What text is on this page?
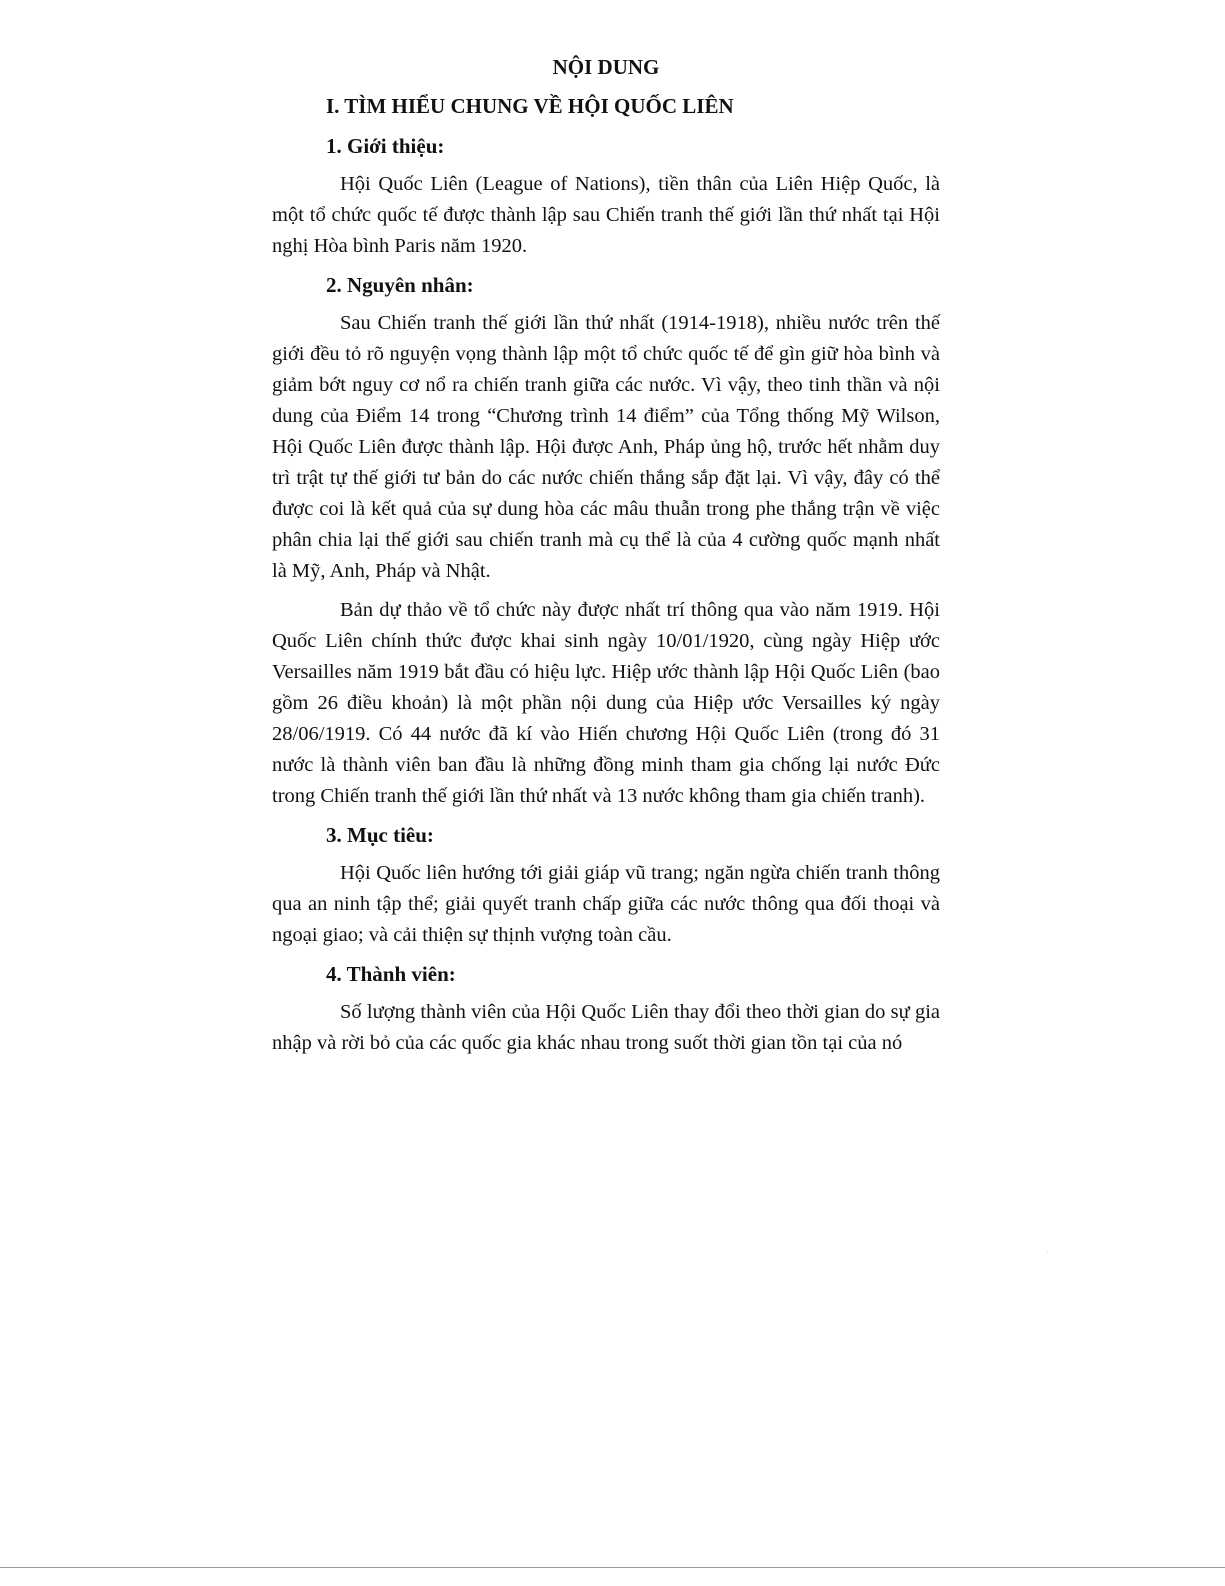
NỘI DUNG
I. TÌM HIỂU CHUNG VỀ HỘI QUỐC LIÊN
1. Giới thiệu:

Hội Quốc Liên (League of Nations), tiền thân của Liên Hiệp Quốc, là một tổ chức quốc tế được thành lập sau Chiến tranh thế giới lần thứ nhất tại Hội nghị Hòa bình Paris năm 1920.

2. Nguyên nhân:

Sau Chiến tranh thế giới lần thứ nhất (1914-1918), nhiều nước trên thế giới đều tỏ rõ nguyện vọng thành lập một tổ chức quốc tế để gìn giữ hòa bình và giảm bớt nguy cơ nổ ra chiến tranh giữa các nước. Vì vậy, theo tinh thần và nội dung của Điểm 14 trong “Chương trình 14 điểm” của Tổng thống Mỹ Wilson, Hội Quốc Liên được thành lập. Hội được Anh, Pháp ủng hộ, trước hết nhằm duy trì trật tự thế giới tư bản do các nước chiến thắng sắp đặt lại. Vì vậy, đây có thể được coi là kết quả của sự dung hòa các mâu thuẫn trong phe thắng trận về việc phân chia lại thế giới sau chiến tranh mà cụ thể là của 4 cường quốc mạnh nhất là Mỹ, Anh, Pháp và Nhật.

Bản dự thảo về tổ chức này được nhất trí thông qua vào năm 1919. Hội Quốc Liên chính thức được khai sinh ngày 10/01/1920, cùng ngày Hiệp ước Versailles năm 1919 bắt đầu có hiệu lực. Hiệp ước thành lập Hội Quốc Liên (bao gồm 26 điều khoản) là một phần nội dung của Hiệp ước Versailles ký ngày 28/06/1919. Có 44 nước đã kí vào Hiến chương Hội Quốc Liên (trong đó 31 nước là thành viên ban đầu là những đồng minh tham gia chống lại nước Đức trong Chiến tranh thế giới lần thứ nhất và 13 nước không tham gia chiến tranh).

3. Mục tiêu:

Hội Quốc liên hướng tới giải giáp vũ trang; ngăn ngừa chiến tranh thông qua an ninh tập thể; giải quyết tranh chấp giữa các nước thông qua đối thoại và ngoại giao; và cải thiện sự thịnh vượng toàn cầu.

4. Thành viên:

Số lượng thành viên của Hội Quốc Liên thay đổi theo thời gian do sự gia nhập và rời bỏ của các quốc gia khác nhau trong suốt thời gian tồn tại của nó
